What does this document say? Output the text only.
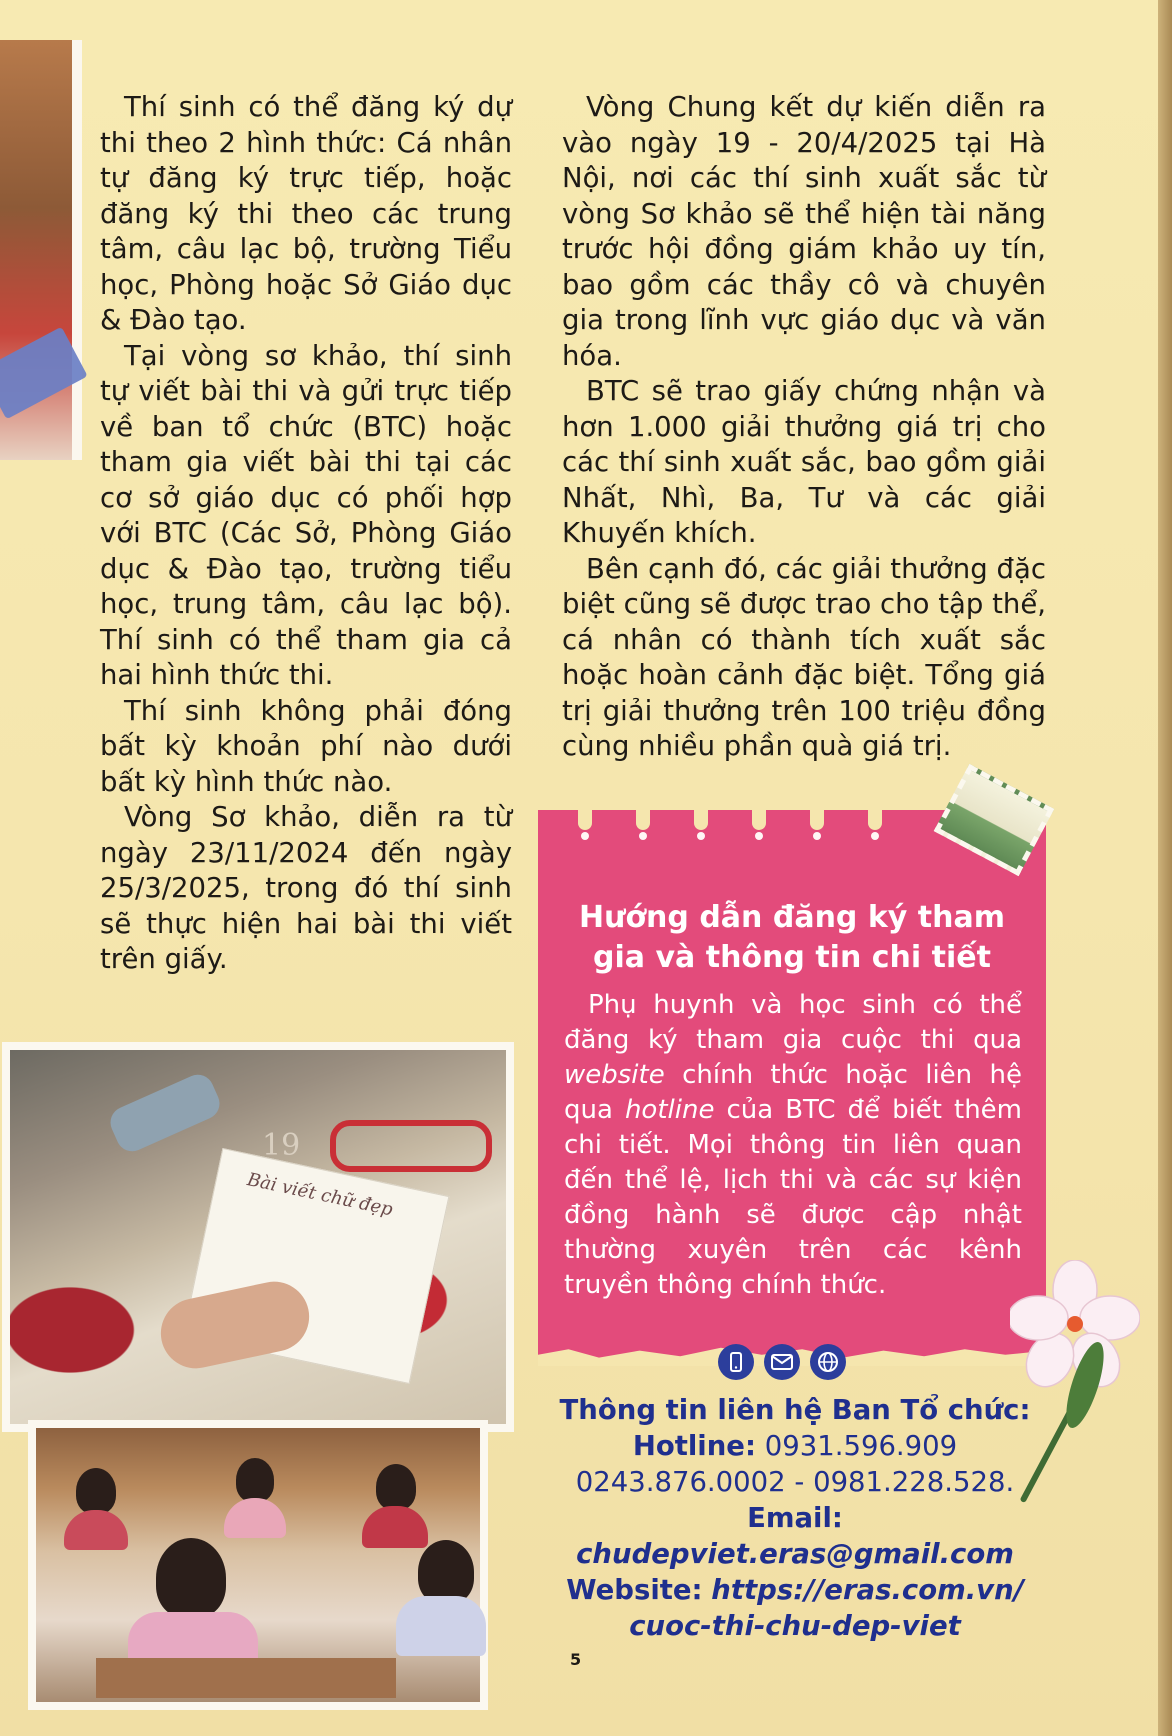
Thí sinh có thể đăng ký dự thi theo 2 hình thức: Cá nhân tự đăng ký trực tiếp, hoặc đăng ký thi theo các trung tâm, câu lạc bộ, trường Tiểu học, Phòng hoặc Sở Giáo dục & Đào tạo.

Tại vòng sơ khảo, thí sinh tự viết bài thi và gửi trực tiếp về ban tổ chức (BTC) hoặc tham gia viết bài thi tại các cơ sở giáo dục có phối hợp với BTC (Các Sở, Phòng Giáo dục & Đào tạo, trường tiểu học, trung tâm, câu lạc bộ). Thí sinh có thể tham gia cả hai hình thức thi.

Thí sinh không phải đóng bất kỳ khoản phí nào dưới bất kỳ hình thức nào.

Vòng Sơ khảo, diễn ra từ ngày 23/11/2024 đến ngày 25/3/2025, trong đó thí sinh sẽ thực hiện hai bài thi viết trên giấy.

Vòng Chung kết dự kiến diễn ra vào ngày 19 - 20/4/2025 tại Hà Nội, nơi các thí sinh xuất sắc từ vòng Sơ khảo sẽ thể hiện tài năng trước hội đồng giám khảo uy tín, bao gồm các thầy cô và chuyên gia trong lĩnh vực giáo dục và văn hóa.

BTC sẽ trao giấy chứng nhận và hơn 1.000 giải thưởng giá trị cho các thí sinh xuất sắc, bao gồm giải Nhất, Nhì, Ba, Tư và các giải Khuyến khích.

Bên cạnh đó, các giải thưởng đặc biệt cũng sẽ được trao cho tập thể, cá nhân có thành tích xuất sắc hoặc hoàn cảnh đặc biệt. Tổng giá trị giải thưởng trên 100 triệu đồng cùng nhiều phần quà giá trị.

19
Bài viết chữ đẹp
Hướng dẫn đăng ký tham gia và thông tin chi tiết
Phụ huynh và học sinh có thể đăng ký tham gia cuộc thi qua website chính thức hoặc liên hệ qua hotline của BTC để biết thêm chi tiết. Mọi thông tin liên quan đến thể lệ, lịch thi và các sự kiện đồng hành sẽ được cập nhật thường xuyên trên các kênh truyền thông chính thức.
Thông tin liên hệ Ban Tổ chức:
Hotline: 0931.596.909
0243.876.0002 - 0981.228.528.
Email: chudepviet.eras@gmail.com
Website: https://eras.com.vn/
cuoc-thi-chu-dep-viet
5
